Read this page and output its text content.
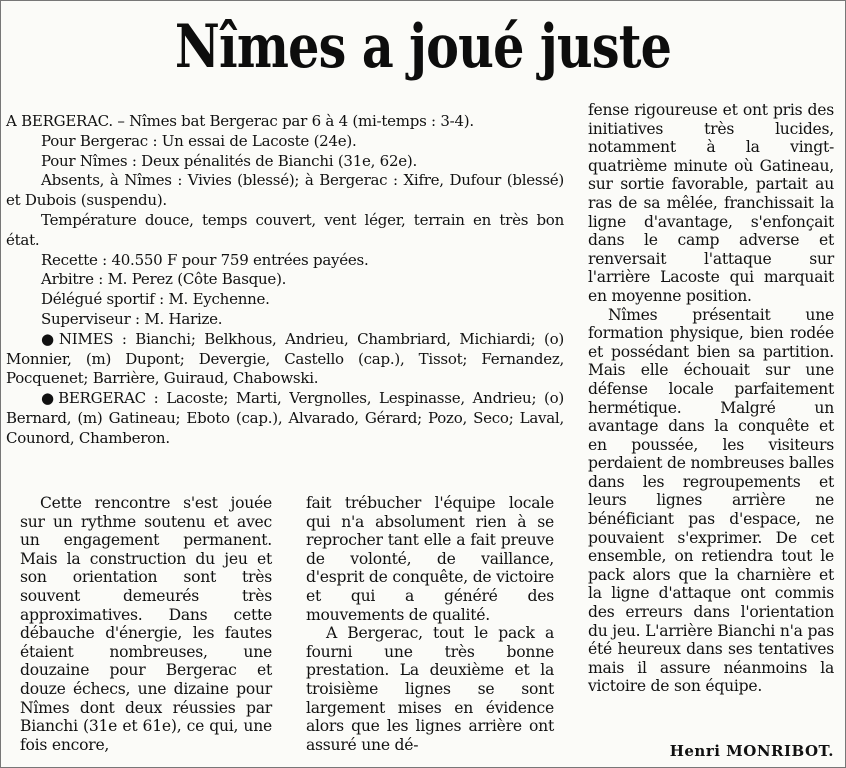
Nîmes a joué juste

A BERGERAC. – Nîmes bat Bergerac par 6 à 4 (mi-temps : 3-4).

Pour Bergerac : Un essai de Lacoste (24e).

Pour Nîmes : Deux pénalités de Bianchi (31e, 62e).

Absents, à Nîmes : Vivies (blessé); à Bergerac : Xifre, Dufour (blessé) et Dubois (suspendu).

Température douce, temps couvert, vent léger, terrain en très bon état.

Recette : 40.550 F pour 759 entrées payées.

Arbitre : M. Perez (Côte Basque).

Délégué sportif : M. Eychenne.

Superviseur : M. Harize.

● NIMES : Bianchi; Belkhous, Andrieu, Chambriard, Michiardi; (o) Monnier, (m) Dupont; Devergie, Castello (cap.), Tissot; Fernandez, Pocquenet; Barrière, Guiraud, Chabowski.

● BERGERAC : Lacoste; Marti, Vergnolles, Lespinasse, Andrieu; (o) Bernard, (m) Gatineau; Eboto (cap.), Alvarado, Gérard; Pozo, Seco; Laval, Counord, Chamberon.

fense rigoureuse et ont pris des initiatives très lucides, notamment à la vingt-quatrième minute où Gatineau, sur sortie favorable, partait au ras de sa mêlée, franchissait la ligne d'avantage, s'enfonçait dans le camp adverse et renversait l'attaque sur l'arrière Lacoste qui marquait en moyenne position.

Nîmes présentait une formation physique, bien rodée et possédant bien sa partition. Mais elle échouait sur une défense locale parfaitement hermétique. Malgré un avantage dans la conquête et en poussée, les visiteurs perdaient de nombreuses balles dans les regroupements et leurs lignes arrière ne bénéficiant pas d'espace, ne pouvaient s'exprimer. De cet ensemble, on retiendra tout le pack alors que la charnière et la ligne d'attaque ont commis des erreurs dans l'orientation du jeu. L'arrière Bianchi n'a pas été heureux dans ses tentatives mais il assure néanmoins la victoire de son équipe.

Cette rencontre s'est jouée sur un rythme soutenu et avec un engagement permanent. Mais la construction du jeu et son orientation sont très souvent demeurés très approximatives. Dans cette débauche d'énergie, les fautes étaient nombreuses, une douzaine pour Bergerac et douze échecs, une dizaine pour Nîmes dont deux réussies par Bianchi (31e et 61e), ce qui, une fois encore,

fait trébucher l'équipe locale qui n'a absolument rien à se reprocher tant elle a fait preuve de volonté, de vaillance, d'esprit de conquête, de victoire et qui a généré des mouvements de qualité.

A Bergerac, tout le pack a fourni une très bonne prestation. La deuxième et la troisième lignes se sont largement mises en évidence alors que les lignes arrière ont assuré une dé-	Henri MONRIBOT.
